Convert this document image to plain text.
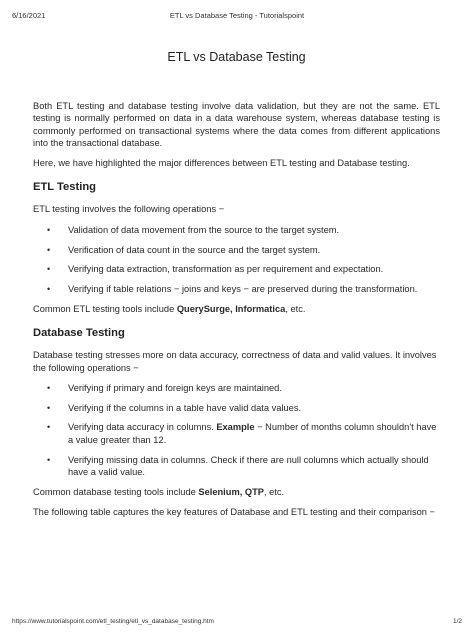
6/16/2021	ETL vs Database Testing - Tutorialspoint
ETL vs Database Testing

Both ETL testing and database testing involve data validation, but they are not the same. ETL testing is normally performed on data in a data warehouse system, whereas database testing is commonly performed on transactional systems where the data comes from different applications into the transactional database.

Here, we have highlighted the major differences between ETL testing and Database testing.

ETL Testing

ETL testing involves the following operations −

• Validation of data movement from the source to the target system.
• Verification of data count in the source and the target system.
• Verifying data extraction, transformation as per requirement and expectation.
• Verifying if table relations − joins and keys − are preserved during the transformation.

Common ETL testing tools include QuerySurge, Informatica, etc.

Database Testing

Database testing stresses more on data accuracy, correctness of data and valid values. It involves the following operations −

• Verifying if primary and foreign keys are maintained.
• Verifying if the columns in a table have valid data values.
• Verifying data accuracy in columns. Example − Number of months column shouldn't have a value greater than 12.
• Verifying missing data in columns. Check if there are null columns which actually should have a valid value.

Common database testing tools include Selenium, QTP, etc.

The following table captures the key features of Database and ETL testing and their comparison −

https://www.tutorialspoint.com/etl_testing/etl_vs_database_testing.htm	1/2
